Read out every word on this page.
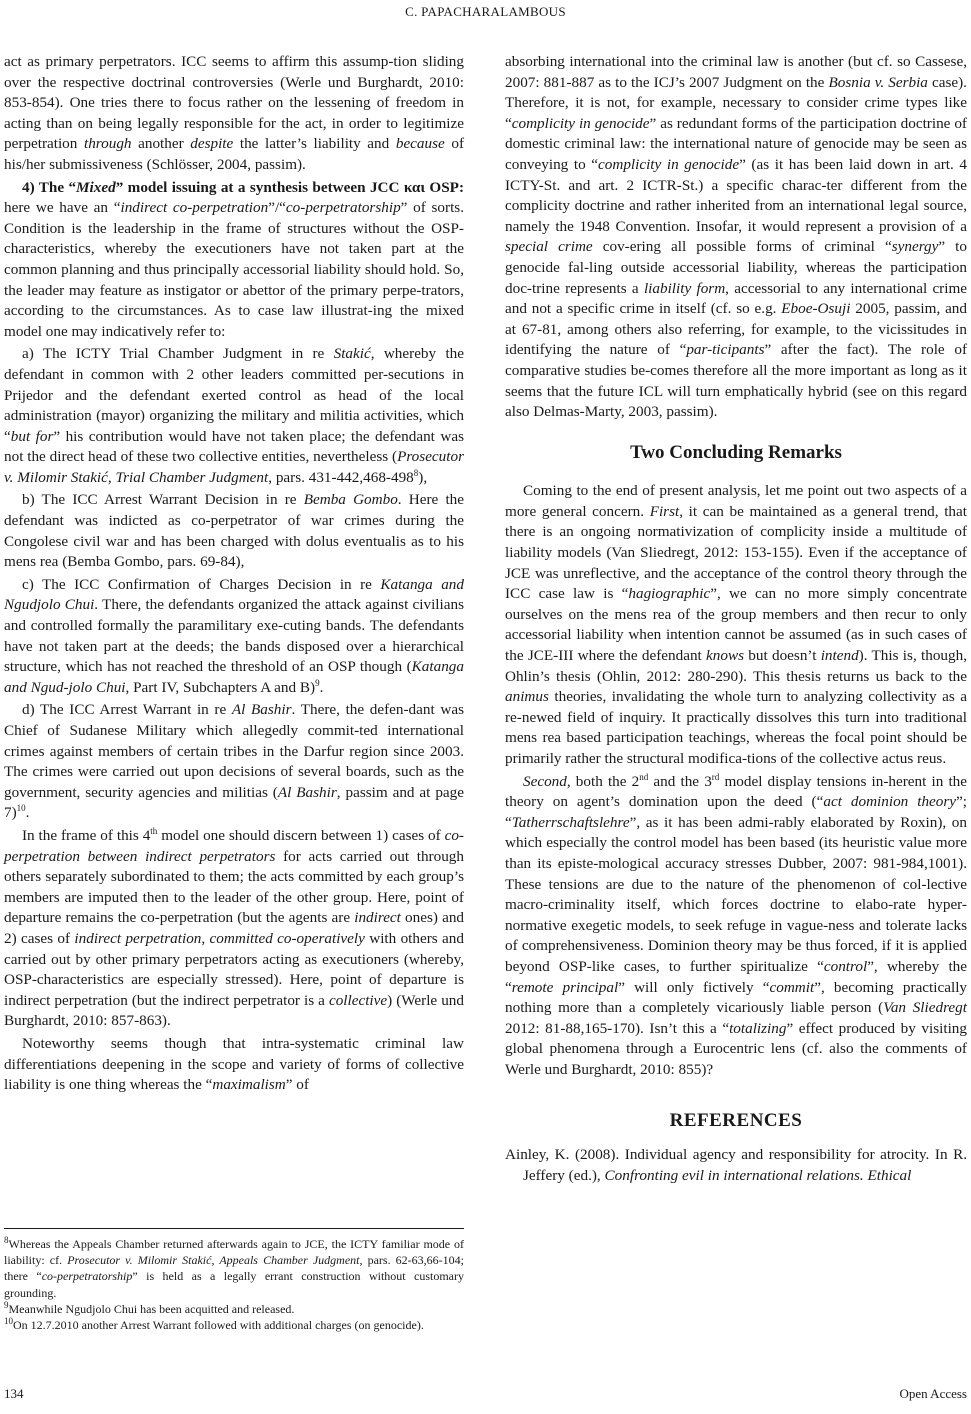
C. PAPACHARALAMBOUS

act as primary perpetrators. ICC seems to affirm this assump-tion sliding over the respective doctrinal controversies (Werle und Burghardt, 2010: 853-854). One tries there to focus rather on the lessening of freedom in acting than on being legally responsible for the act, in order to legitimize perpetration through another despite the latter’s liability and because of his/her submissiveness (Schlösser, 2004, passim).

4) The “Mixed” model issuing at a synthesis between JCC και OSP: here we have an “indirect co-perpetration”/“co-perpetratorship” of sorts. Condition is the leadership in the frame of structures without the OSP-characteristics, whereby the executioners have not taken part at the common planning and thus principally accessorial liability should hold. So, the leader may feature as instigator or abettor of the primary perpe-trators, according to the circumstances. As to case law illustrat-ing the mixed model one may indicatively refer to:

a) The ICTY Trial Chamber Judgment in re Stakić, whereby the defendant in common with 2 other leaders committed per-secutions in Prijedor and the defendant exerted control as head of the local administration (mayor) organizing the military and militia activities, which “but for” his contribution would have not taken place; the defendant was not the direct head of these two collective entities, nevertheless (Prosecutor v. Milomir Stakić, Trial Chamber Judgment, pars. $431-442,468-498^8$),

b) The ICC Arrest Warrant Decision in re Bemba Gombo. Here the defendant was indicted as co-perpetrator of war crimes during the Congolese civil war and has been charged with dolus eventualis as to his mens rea (Bemba Gombo, pars. 69-84),

c) The ICC Confirmation of Charges Decision in re Katanga and Ngudjolo Chui. There, the defendants organized the attack against civilians and controlled formally the paramilitary exe-cuting bands. The defendants have not taken part at the deeds; the bands disposed over a hierarchical structure, which has not reached the threshold of an OSP though (Katanga and Ngud-jolo Chui, Part IV, Subchapters A and B)$^9$.

d) The ICC Arrest Warrant in re Al Bashir. There, the defen-dant was Chief of Sudanese Military which allegedly commit-ted international crimes against members of certain tribes in the Darfur region since 2003. The crimes were carried out upon decisions of several boards, such as the government, security agencies and militias (Al Bashir, passim and at page 7)$^{10}$.

In the frame of this 4th model one should discern between 1) cases of co-perpetration between indirect perpetrators for acts carried out through others separately subordinated to them; the acts committed by each group’s members are imputed then to the leader of the other group. Here, point of departure remains the co-perpetration (but the agents are indirect ones) and 2) cases of indirect perpetration, committed co-operatively with others and carried out by other primary perpetrators acting as executioners (whereby, OSP-characteristics are especially stressed). Here, point of departure is indirect perpetration (but the indirect perpetrator is a collective) (Werle und Burghardt, 2010: 857-863).

Noteworthy seems though that intra-systematic criminal law differentiations deepening in the scope and variety of forms of collective liability is one thing whereas the “maximalism” of

$^8$Whereas the Appeals Chamber returned afterwards again to JCE, the ICTY familiar mode of liability: cf. Prosecutor v. Milomir Stakić, Appeals Chamber Judgment, pars. 62-63,66-104; there “co-perpetratorship” is held as a legally errant construction without customary grounding.

$^9$Meanwhile Ngudjolo Chui has been acquitted and released.

$^{10}$On 12.7.2010 another Arrest Warrant followed with additional charges (on genocide).

absorbing international into the criminal law is another (but cf. so Cassese, 2007: 881-887 as to the ICJ’s 2007 Judgment on the Bosnia v. Serbia case). Therefore, it is not, for example, necessary to consider crime types like “complicity in genocide” as redundant forms of the participation doctrine of domestic criminal law: the international nature of genocide may be seen as conveying to “complicity in genocide” (as it has been laid down in art. 4 ICTY-St. and art. 2 ICTR-St.) a specific charac-ter different from the complicity doctrine and rather inherited from an international legal source, namely the 1948 Convention. Insofar, it would represent a provision of a special crime cov-ering all possible forms of criminal “synergy” to genocide fal-ling outside accessorial liability, whereas the participation doc-trine represents a liability form, accessorial to any international crime and not a specific crime in itself (cf. so e.g. Eboe-Osuji 2005, passim, and at 67-81, among others also referring, for example, to the vicissitudes in identifying the nature of “par-ticipants” after the fact). The role of comparative studies be-comes therefore all the more important as long as it seems that the future ICL will turn emphatically hybrid (see on this regard also Delmas-Marty, 2003, passim).

Two Concluding Remarks

Coming to the end of present analysis, let me point out two aspects of a more general concern. First, it can be maintained as a general trend, that there is an ongoing normativization of complicity inside a multitude of liability models (Van Sliedregt, 2012: 153-155). Even if the acceptance of JCE was unreflective, and the acceptance of the control theory through the ICC case law is “hagiographic”, we can no more simply concentrate ourselves on the mens rea of the group members and then recur to only accessorial liability when intention cannot be assumed (as in such cases of the JCE-III where the defendant knows but doesn’t intend). This is, though, Ohlin’s thesis (Ohlin, 2012: 280-290). This thesis returns us back to the animus theories, invalidating the whole turn to analyzing collectivity as a re-newed field of inquiry. It practically dissolves this turn into traditional mens rea based participation teachings, whereas the focal point should be primarily rather the structural modifica-tions of the collective actus reus.

Second, both the 2nd and the 3rd model display tensions in-herent in the theory on agent’s domination upon the deed (“act dominion theory”; “Tatherrschaftslehre”, as it has been admi-rably elaborated by Roxin), on which especially the control model has been based (its heuristic value more than its episte-mological accuracy stresses Dubber, 2007: 981-984,1001). These tensions are due to the nature of the phenomenon of col-lective macro-criminality itself, which forces doctrine to elabo-rate hyper-normative exegetic models, to seek refuge in vague-ness and tolerate lacks of comprehensiveness. Dominion theory may be thus forced, if it is applied beyond OSP-like cases, to further spiritualize “control”, whereby the “remote principal” will only fictively “commit”, becoming practically nothing more than a completely vicariously liable person (Van Sliedregt 2012: 81-88,165-170). Isn’t this a “totalizing” effect produced by visiting global phenomena through a Eurocentric lens (cf. also the comments of Werle und Burghardt, 2010: 855)?

REFERENCES

Ainley, K. (2008). Individual agency and responsibility for atrocity. In R. Jeffery (ed.), Confronting evil in international relations. Ethical

134	Open Access
